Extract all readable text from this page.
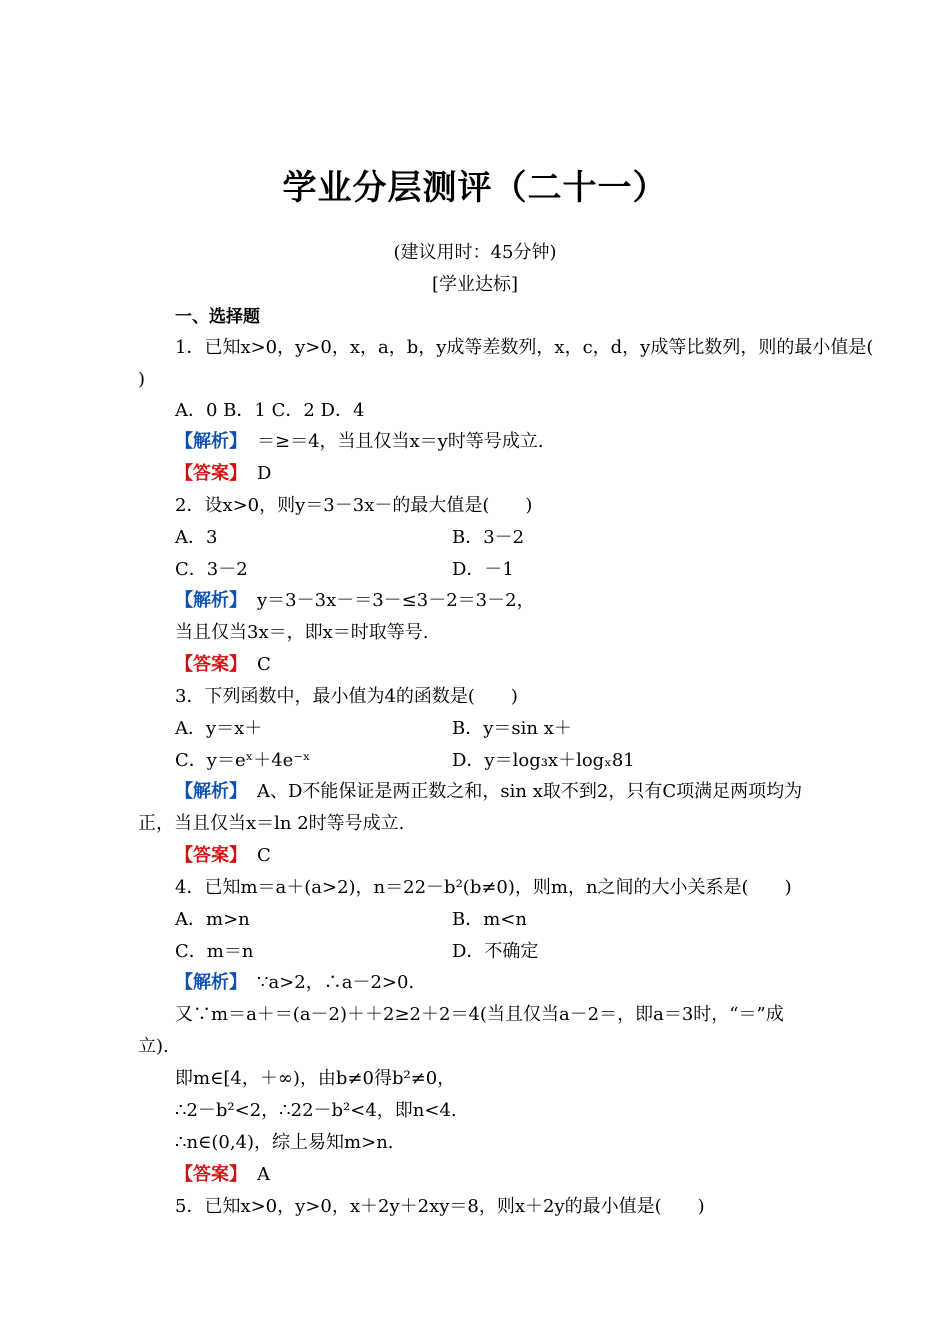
学业分层测评（二十一）
(建议用时：45分钟)
[学业达标]
一、选择题
1．已知x>0，y>0，x，a，b，y成等差数列，x，c，d，y成等比数列，则的最小值是(
)
A．0 B．1 C．2 D．4
【解析】 ＝≥＝4，当且仅当x＝y时等号成立.
【答案】 D
2．设x>0，则y＝3－3x－的最大值是(　　)
A．3	B．3－2
C．3－2	D．－1
【解析】 y＝3－3x－＝3－≤3－2＝3－2，
当且仅当3x＝，即x＝时取等号.
【答案】 C
3．下列函数中，最小值为4的函数是(　　)
A．y＝x＋	B．y＝sin x＋
C．y＝eˣ＋4e⁻ˣ	D．y＝log₃x＋logₓ81
【解析】 A、D不能保证是两正数之和，sin x取不到2，只有C项满足两项均为
正，当且仅当x＝ln 2时等号成立.
【答案】 C
4．已知m＝a＋(a>2)，n＝22－b²(b≠0)，则m，n之间的大小关系是(　　)
A．m>n	B．m<n
C．m＝n	D．不确定
【解析】 ∵a>2，∴a－2>0.
又∵m＝a＋＝(a－2)＋＋2≥2＋2＝4(当且仅当a－2＝，即a＝3时，“＝”成
立).
即m∈[4，＋∞)，由b≠0得b²≠0，
∴2－b²<2，∴22－b²<4，即n<4.
∴n∈(0,4)，综上易知m>n.
【答案】 A
5．已知x>0，y>0，x＋2y＋2xy＝8，则x＋2y的最小值是(　　)
